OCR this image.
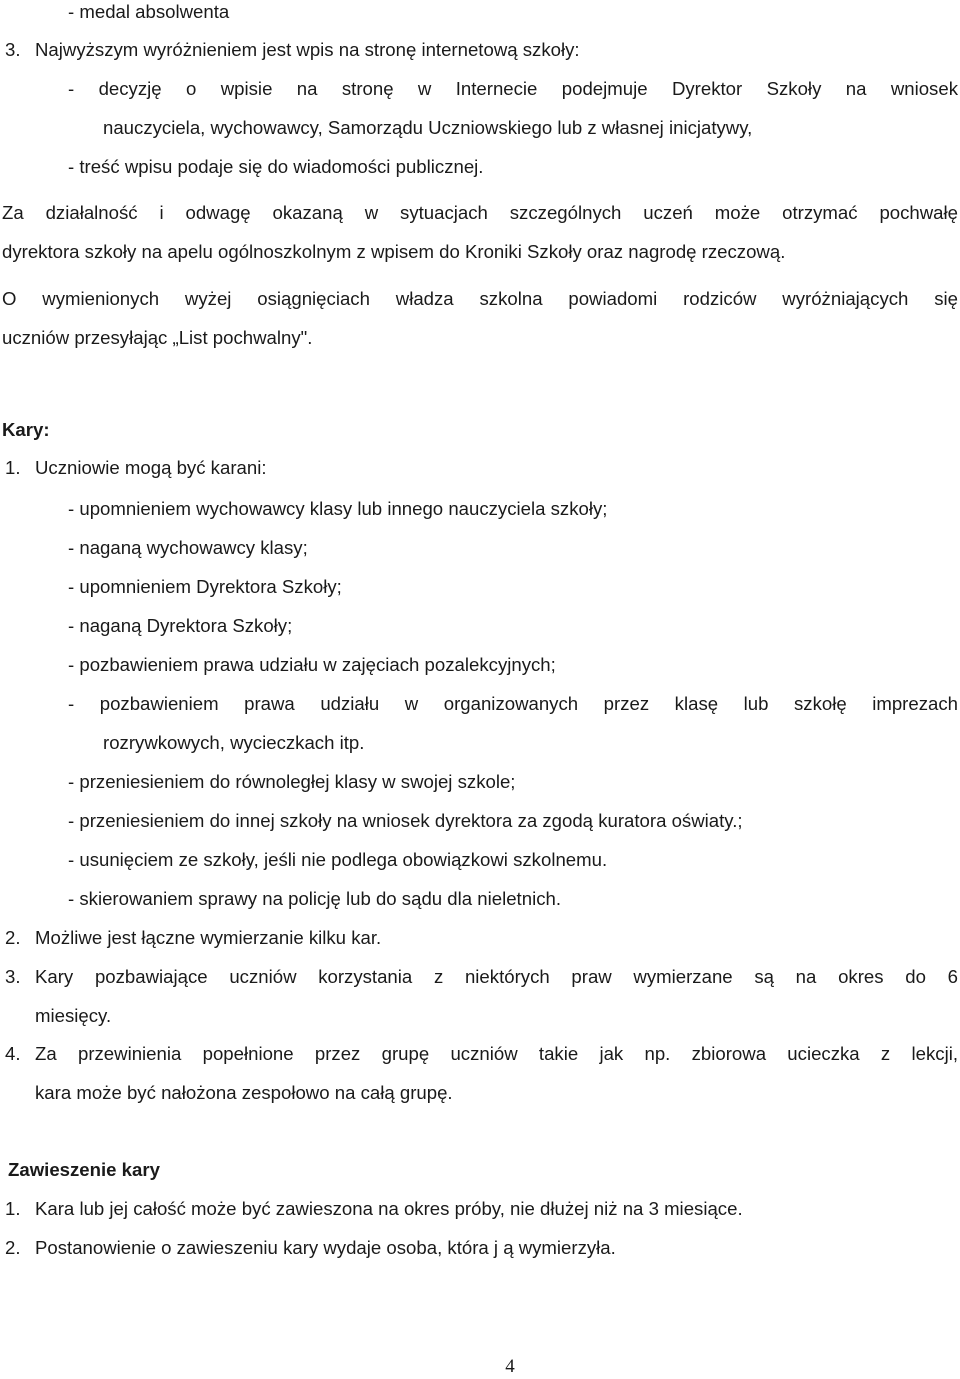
- medal absolwenta
3. Najwyższym wyróżnieniem jest wpis na stronę internetową szkoły:
- decyzję o wpisie na stronę w Internecie podejmuje Dyrektor Szkoły na wniosek
nauczyciela, wychowawcy, Samorządu Uczniowskiego lub z własnej inicjatywy,
- treść wpisu podaje się do wiadomości publicznej.
Za działalność i odwagę okazaną w sytuacjach szczególnych uczeń może otrzymać pochwałę
dyrektora szkoły na apelu ogólnoszkolnym z wpisem do Kroniki Szkoły oraz nagrodę rzeczową.
O wymienionych wyżej osiągnięciach władza szkolna powiadomi rodziców wyróżniających się
uczniów przesyłając „List pochwalny".
Kary:
1. Uczniowie mogą być karani:
- upomnieniem wychowawcy klasy lub innego nauczyciela szkoły;
- naganą wychowawcy klasy;
- upomnieniem Dyrektora Szkoły;
- naganą Dyrektora Szkoły;
- pozbawieniem prawa udziału w zajęciach pozalekcyjnych;
- pozbawieniem prawa udziału w organizowanych przez klasę lub szkołę imprezach
rozrywkowych, wycieczkach itp.
- przeniesieniem do równoległej klasy w swojej szkole;
- przeniesieniem do innej szkoły na wniosek dyrektora za zgodą kuratora oświaty.;
- usunięciem ze szkoły, jeśli nie podlega obowiązkowi szkolnemu.
- skierowaniem sprawy na policję lub do sądu dla nieletnich.
2. Możliwe jest łączne wymierzanie kilku kar.
3. Kary pozbawiające uczniów korzystania z niektórych praw wymierzane są na okres do 6
miesięcy.
4. Za przewinienia popełnione przez grupę uczniów takie jak np. zbiorowa ucieczka z lekcji,
kara może być nałożona zespołowo na całą grupę.
Zawieszenie kary
1. Kara lub jej całość może być zawieszona na okres próby, nie dłużej niż na 3 miesiące.
2. Postanowienie o zawieszeniu kary wydaje osoba, która j ą wymierzyła.
4
